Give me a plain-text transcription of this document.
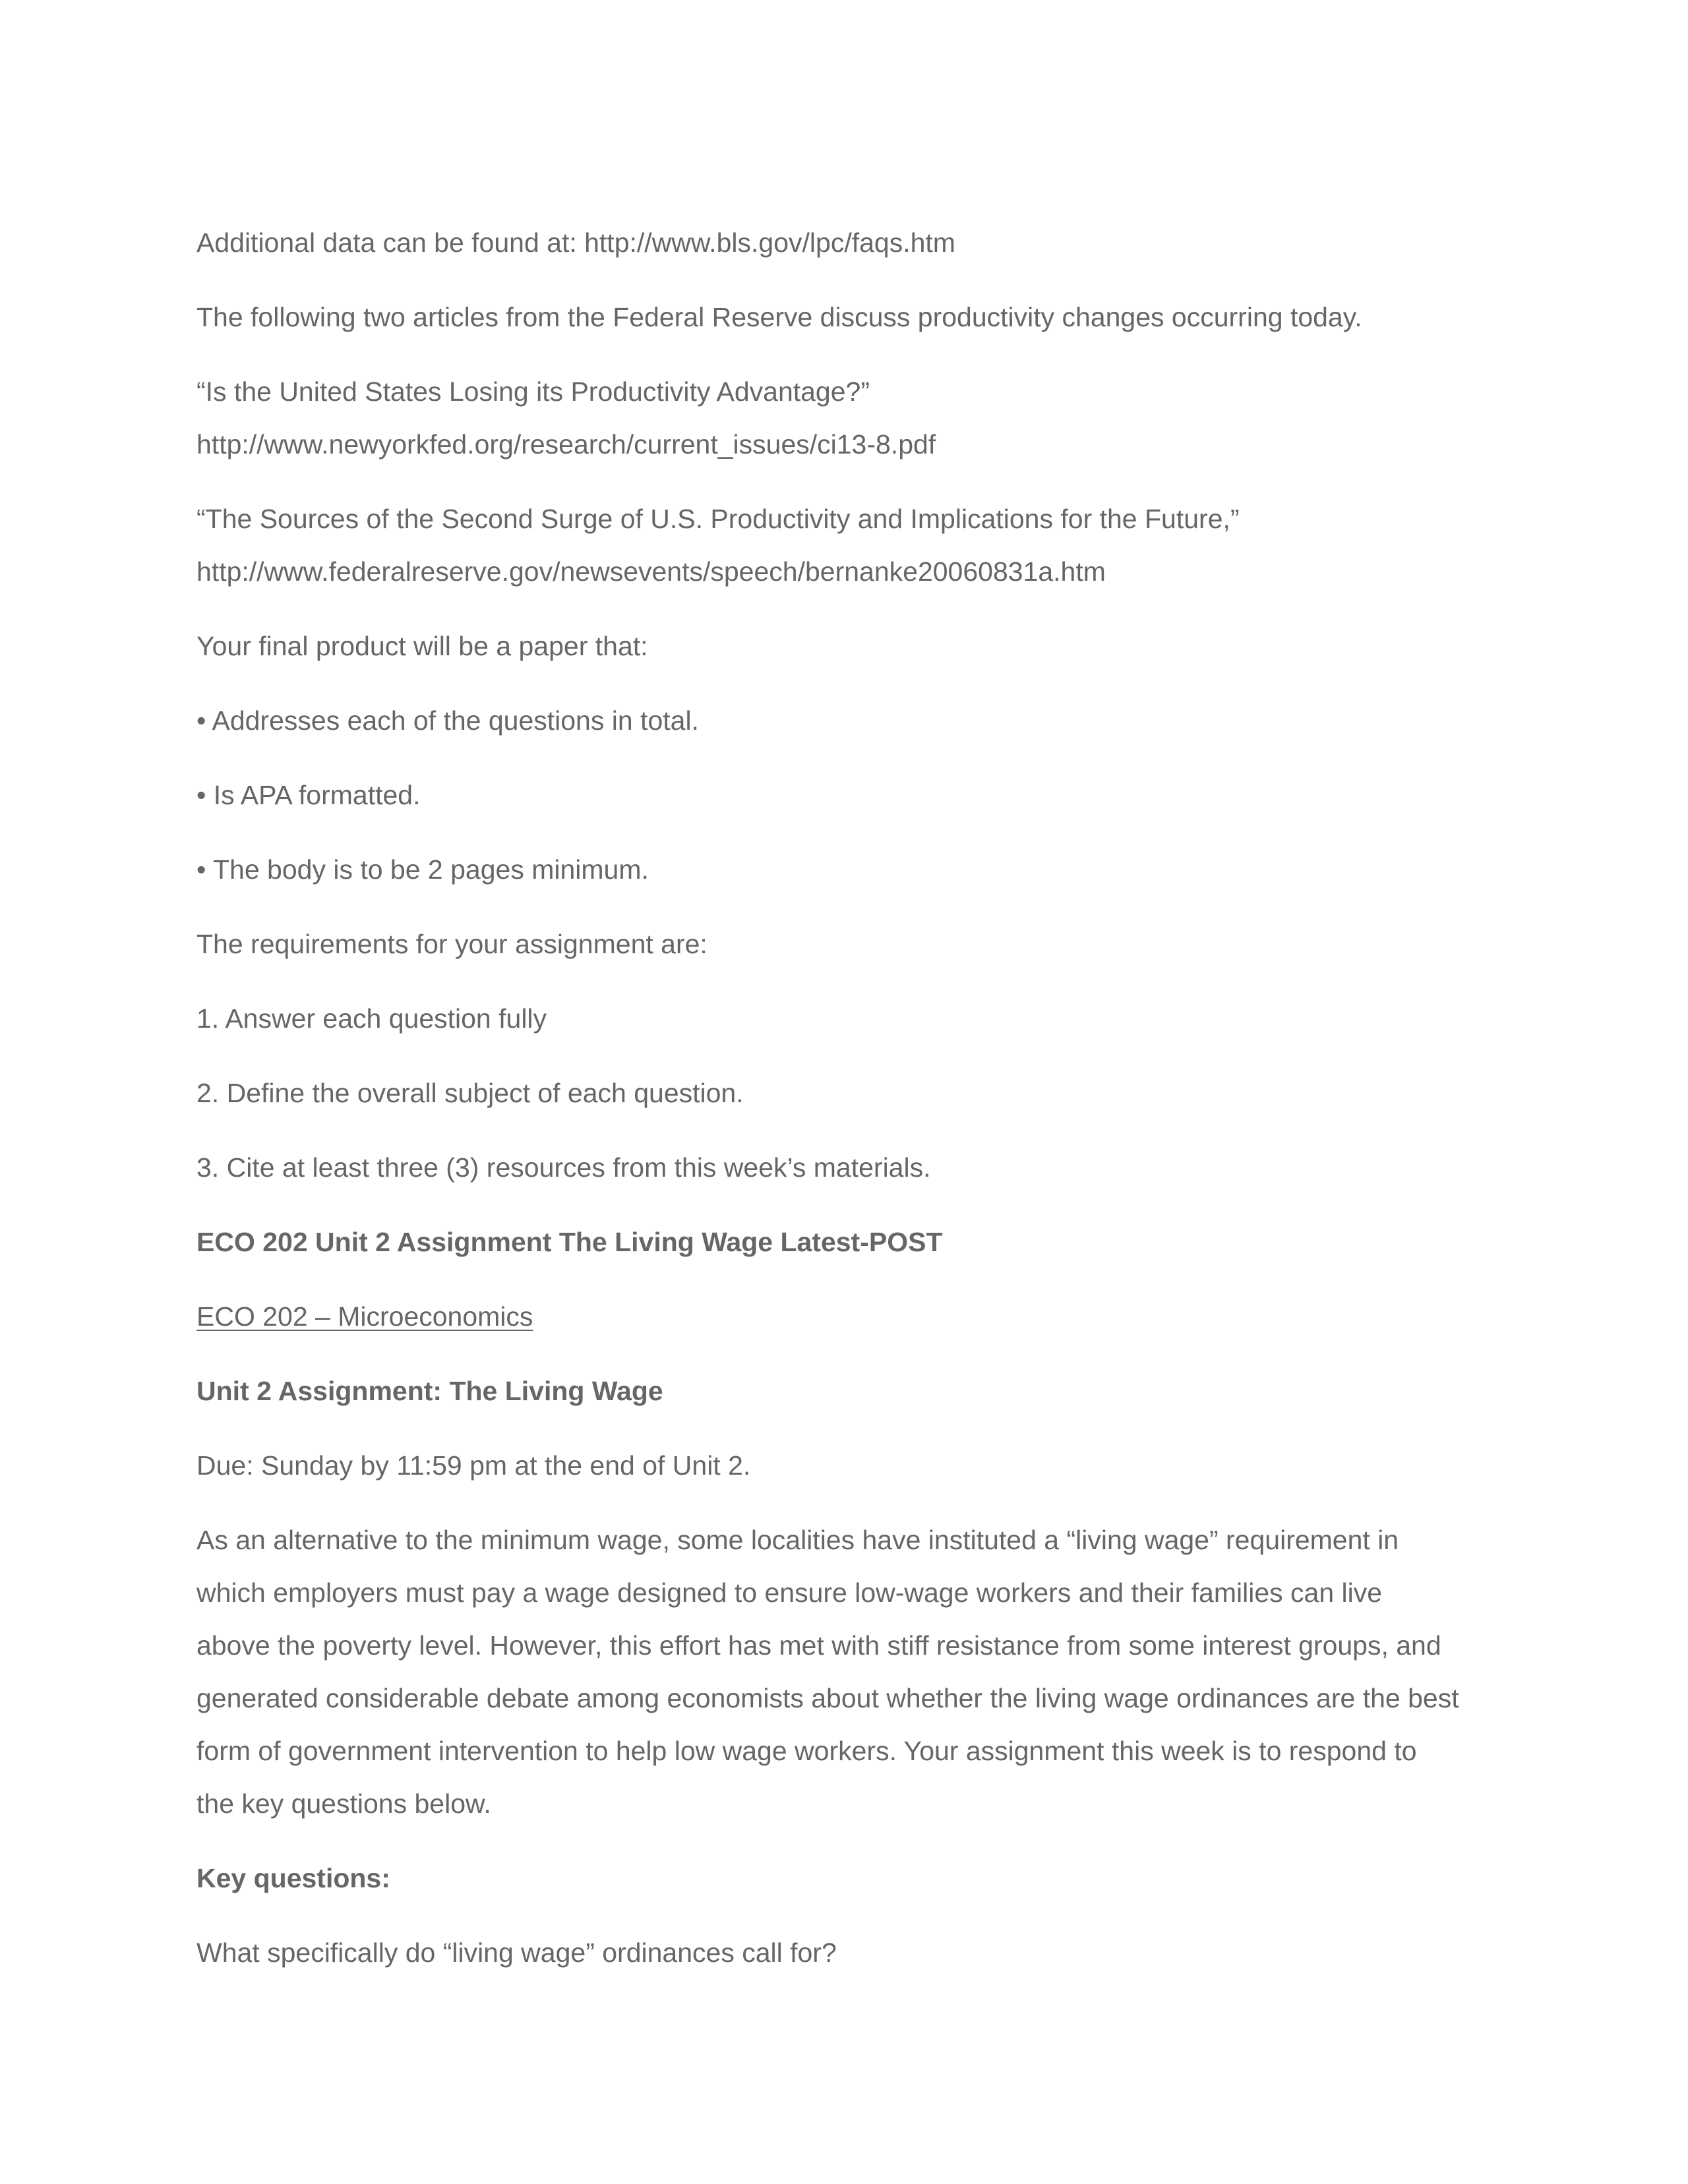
Additional data can be found at: http://www.bls.gov/lpc/faqs.htm

The following two articles from the Federal Reserve discuss productivity changes occurring today.

“Is the United States Losing its Productivity Advantage?”

http://www.newyorkfed.org/research/current_issues/ci13-8.pdf

“The Sources of the Second Surge of U.S. Productivity and Implications for the Future,”

http://www.federalreserve.gov/newsevents/speech/bernanke20060831a.htm

Your final product will be a paper that:

• Addresses each of the questions in total.

• Is APA formatted.

• The body is to be 2 pages minimum.

The requirements for your assignment are:

1. Answer each question fully

2. Define the overall subject of each question.

3. Cite at least three (3) resources from this week’s materials.

ECO 202 Unit 2 Assignment The Living Wage Latest-POST

ECO 202 – Microeconomics

Unit 2 Assignment: The Living Wage

Due: Sunday by 11:59 pm at the end of Unit 2.

As an alternative to the minimum wage, some localities have instituted a “living wage” requirement in
which employers must pay a wage designed to ensure low-wage workers and their families can live
above the poverty level. However, this effort has met with stiff resistance from some interest groups, and
generated considerable debate among economists about whether the living wage ordinances are the best
form of government intervention to help low wage workers. Your assignment this week is to respond to
the key questions below.

Key questions:

What specifically do “living wage” ordinances call for?
